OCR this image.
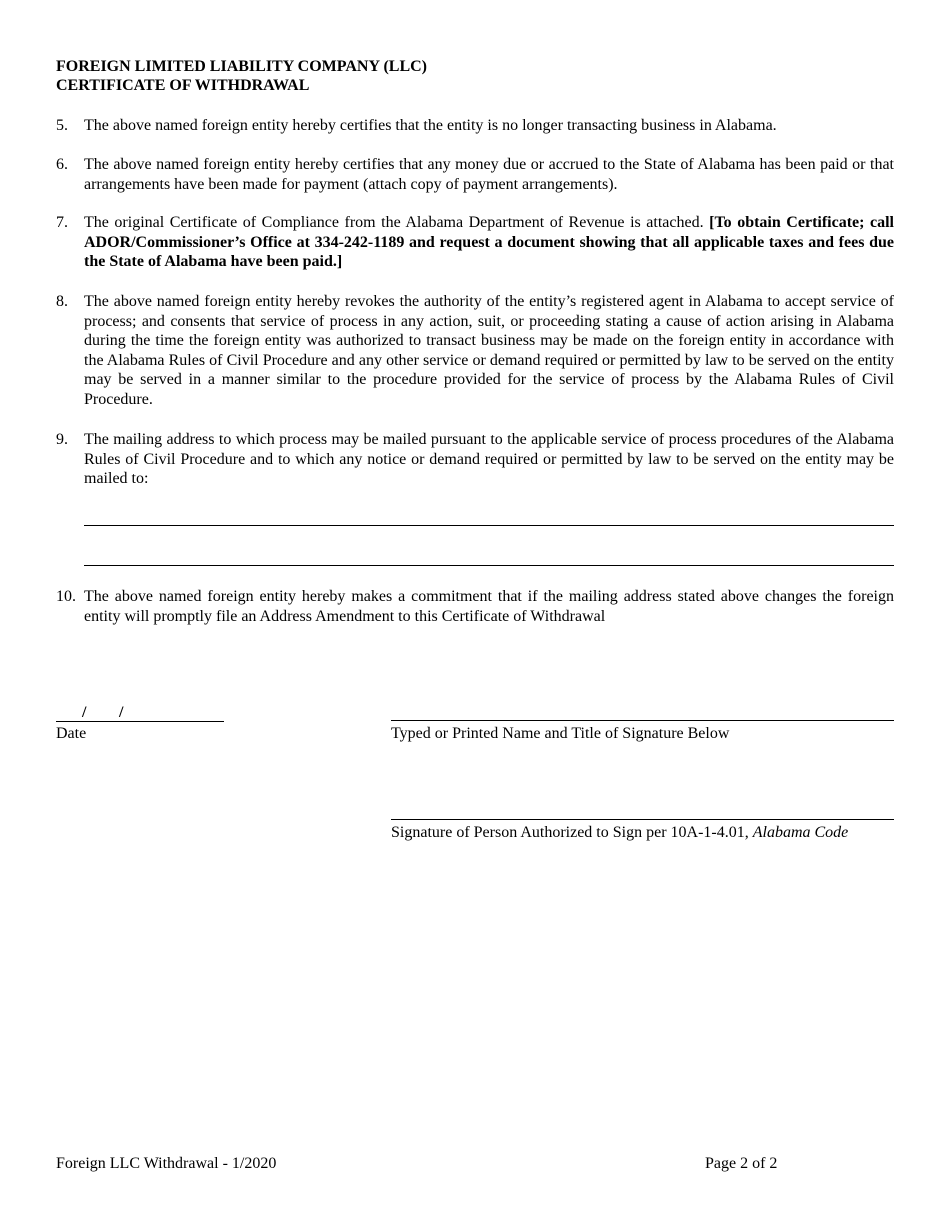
FOREIGN LIMITED LIABILITY COMPANY (LLC)
CERTIFICATE OF WITHDRAWAL
5. The above named foreign entity hereby certifies that the entity is no longer transacting business in Alabama.
6. The above named foreign entity hereby certifies that any money due or accrued to the State of Alabama has been paid or that arrangements have been made for payment (attach copy of payment arrangements).
7. The original Certificate of Compliance from the Alabama Department of Revenue is attached. [To obtain Certificate; call ADOR/Commissioner’s Office at 334-242-1189 and request a document showing that all applicable taxes and fees due the State of Alabama have been paid.]
8. The above named foreign entity hereby revokes the authority of the entity’s registered agent in Alabama to accept service of process; and consents that service of process in any action, suit, or proceeding stating a cause of action arising in Alabama during the time the foreign entity was authorized to transact business may be made on the foreign entity in accordance with the Alabama Rules of Civil Procedure and any other service or demand required or permitted by law to be served on the entity may be served in a manner similar to the procedure provided for the service of process by the Alabama Rules of Civil Procedure.
9. The mailing address to which process may be mailed pursuant to the applicable service of process procedures of the Alabama Rules of Civil Procedure and to which any notice or demand required or permitted by law to be served on the entity may be mailed to:
10. The above named foreign entity hereby makes a commitment that if the mailing address stated above changes the foreign entity will promptly file an Address Amendment to this Certificate of Withdrawal
/ /
Date	Typed or Printed Name and Title of Signature Below
Signature of Person Authorized to Sign per 10A-1-4.01, Alabama Code
Foreign LLC Withdrawal - 1/2020	Page 2 of 2
